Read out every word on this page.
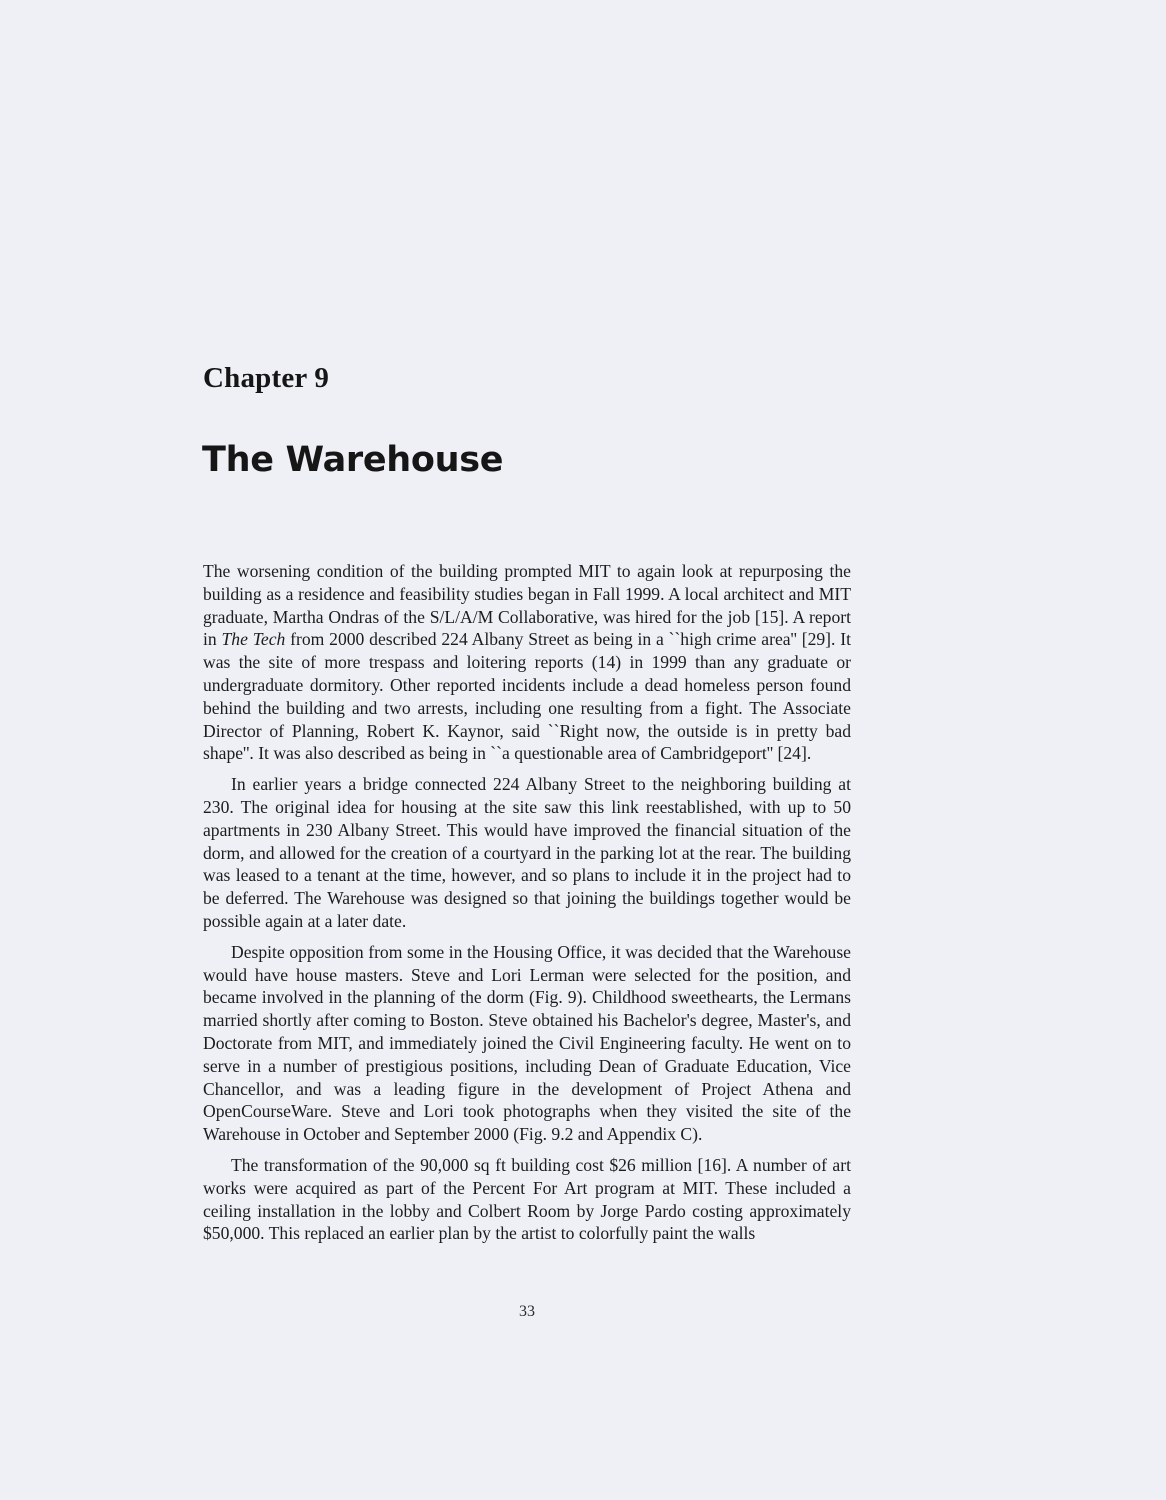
Chapter 9
The Warehouse

The worsening condition of the building prompted MIT to again look at repurposing the building as a residence and feasibility studies began in Fall 1999. A local architect and MIT graduate, Martha Ondras of the S/L/A/M Collaborative, was hired for the job [15]. A report in The Tech from 2000 described 224 Albany Street as being in a ``high crime area'' [29]. It was the site of more trespass and loitering reports (14) in 1999 than any graduate or undergraduate dormitory. Other reported incidents include a dead homeless person found behind the building and two arrests, including one resulting from a fight. The Associate Director of Planning, Robert K. Kaynor, said ``Right now, the outside is in pretty bad shape''. It was also described as being in ``a questionable area of Cambridgeport'' [24].

In earlier years a bridge connected 224 Albany Street to the neighboring building at 230. The original idea for housing at the site saw this link reestablished, with up to 50 apartments in 230 Albany Street. This would have improved the financial situation of the dorm, and allowed for the creation of a courtyard in the parking lot at the rear. The building was leased to a tenant at the time, however, and so plans to include it in the project had to be deferred. The Warehouse was designed so that joining the buildings together would be possible again at a later date.

Despite opposition from some in the Housing Office, it was decided that the Warehouse would have house masters. Steve and Lori Lerman were selected for the position, and became involved in the planning of the dorm (Fig. 9). Childhood sweethearts, the Lermans married shortly after coming to Boston. Steve obtained his Bachelor's degree, Master's, and Doctorate from MIT, and immediately joined the Civil Engineering faculty. He went on to serve in a number of prestigious positions, including Dean of Graduate Education, Vice Chancellor, and was a leading figure in the development of Project Athena and OpenCourseWare. Steve and Lori took photographs when they visited the site of the Warehouse in October and September 2000 (Fig. 9.2 and Appendix C).

The transformation of the 90,000 sq ft building cost $26 million [16]. A number of art works were acquired as part of the Percent For Art program at MIT. These included a ceiling installation in the lobby and Colbert Room by Jorge Pardo costing approximately $50,000. This replaced an earlier plan by the artist to colorfully paint the walls

33
